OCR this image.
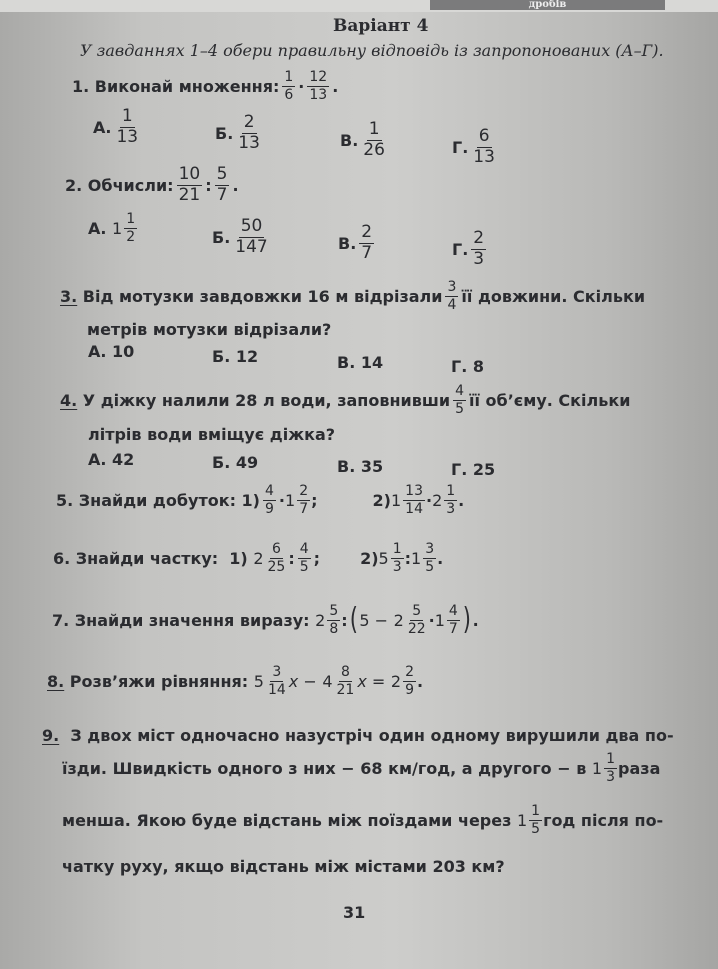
дробів
Варіант 4
У завданнях 1–4 обери правильну відповідь із запропонованих (А–Г).
1.
Виконай множення: $\frac{1}{6} \cdot \frac{12}{13}$ .
А. $\frac{1}{13}$	Б. $\frac{2}{13}$	В. $\frac{1}{26}$	Г. $\frac{6}{13}$
2.
Обчисли: $\frac{10}{21}$ : $\frac{5}{7}$ .
А.
$1 \frac{1}{2}$	Б. $\frac{50}{147}$	В. $\frac{2}{7}$	Г. $\frac{2}{3}$
3.
Від мотузки завдовжки 16 м відрізали $\frac{3}{4}$ її довжини. Скільки
метрів мотузки відрізали?
А.
10	Б.
12	В.
14	Г.
8
4.
У діжку налили 28 л води, заповнивши $\frac{4}{5}$ її об’єму. Скільки
літрів води вміщує діжка?
А.
42	Б.
49	В.
35	Г.
25
5.
Знайди добуток:
$1) \frac{4}{9} \cdot 1 \frac{2}{7}$ ;	2) $1 \frac{13}{14} \cdot 2 \frac{1}{3}$ .
6.
Знайди частку:
1)
$2 \frac{6}{25}$ : $\frac{4}{5}$ ;	2) $5 \frac{1}{3}$ : $1 \frac{3}{5}$ .
7.
Знайди значення виразу:
$2 \frac{5}{8}$ : ( 5 −
$2 \frac{5}{22} \cdot 1 \frac{4}{7}$ ) .
8.
Розв’яжи рівняння:
$5 \frac{3}{14}$ x −
$4 \frac{8}{21}$ x =
$2 \frac{2}{9}$ .
9. З двох міст одночасно назустріч один одному вирушили два по-
їзди. Швидкість одного з них − 68 км/год, а другого − в
$1 \frac{1}{3}$ раза
менша. Якою буде відстань між поїздами через
$1 \frac{1}{5}$ год після по-
чатку руху, якщо відстань між містами 203 км?
31
